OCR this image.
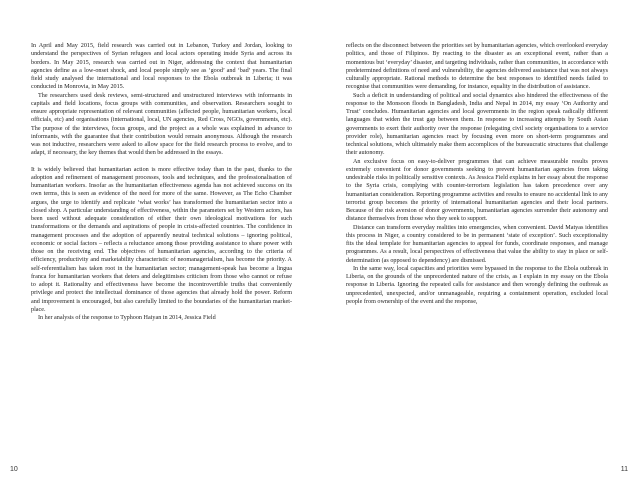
In April and May 2015, field research was carried out in Lebanon, Turkey and Jordan, looking to understand the perspectives of Syrian refugees and local actors operating inside Syria and across its borders. In May 2015, research was carried out in Niger, addressing the context that humanitarian agencies define as a low-onset shock, and local people simply see as ‘good’ and ‘bad’ years. The final field study analysed the international and local responses to the Ebola outbreak in Liberia; it was conducted in Monrovia, in May 2015.

The researchers used desk reviews, semi-structured and unstructured interviews with informants in capitals and field locations, focus groups with communities, and observation. Researchers sought to ensure appropriate representation of relevant communities (affected people, humanitarian workers, local officials, etc) and organisations (international, local, UN agencies, Red Cross, NGOs, governments, etc). The purpose of the interviews, focus groups, and the project as a whole was explained in advance to informants, with the guarantee that their contribution would remain anonymous. Although the research was not inductive, researchers were asked to allow space for the field research process to evolve, and to adapt, if necessary, the key themes that would then be addressed in the essays.

It is widely believed that humanitarian action is more effective today than in the past, thanks to the adoption and refinement of management processes, tools and techniques, and the professionalisation of humanitarian workers. Insofar as the humanitarian effectiveness agenda has not achieved success on its own terms, this is seen as evidence of the need for more of the same. However, as The Echo Chamber argues, the urge to identify and replicate ‘what works’ has transformed the humanitarian sector into a closed shop. A particular understanding of effectiveness, within the parameters set by Western actors, has been used without adequate consideration of either their own ideological motivations for such transformations or the demands and aspirations of people in crisis-affected countries. The confidence in management processes and the adoption of apparently neutral technical solutions – ignoring political, economic or social factors – reflects a reluctance among those providing assistance to share power with those on the receiving end. The objectives of humanitarian agencies, according to the criteria of efficiency, productivity and marketability characteristic of neomanagerialism, has become the priority. A self-referentialism has taken root in the humanitarian sector; management-speak has become a lingua franca for humanitarian workers that deters and delegitimises criticism from those who cannot or refuse to adopt it. Rationality and effectiveness have become the incontrovertible truths that conveniently privilege and protect the intellectual dominance of those agencies that already hold the power. Reform and improvement is encouraged, but also carefully limited to the boundaries of the humanitarian market-place.

In her analysis of the response to Typhoon Haiyan in 2014, Jessica Field

10

reflects on the disconnect between the priorities set by humanitarian agencies, which overlooked everyday politics, and those of Filipinos. By reacting to the disaster as an exceptional event, rather than a momentous but ‘everyday’ disaster, and targeting individuals, rather than communities, in accordance with predetermined definitions of need and vulnerability, the agencies delivered assistance that was not always culturally appropriate. Rational methods to determine the best responses to identified needs failed to recognise that communities were demanding, for instance, equality in the distribution of assistance.

Such a deficit in understanding of political and social dynamics also hindered the effectiveness of the response to the Monsoon floods in Bangladesh, India and Nepal in 2014, my essay ‘On Authority and Trust’ concludes. Humanitarian agencies and local governments in the region speak radically different languages that widen the trust gap between them. In response to increasing attempts by South Asian governments to exert their authority over the response (relegating civil society organisations to a service provider role), humanitarian agencies react by focusing even more on short-term programmes and technical solutions, which ultimately make them accomplices of the bureaucratic structures that challenge their autonomy.

An exclusive focus on easy-to-deliver programmes that can achieve measurable results proves extremely convenient for donor governments seeking to prevent humanitarian agencies from taking undesirable risks in politically sensitive contexts. As Jessica Field explains in her essay about the response to the Syria crisis, complying with counter-terrorism legislation has taken precedence over any humanitarian consideration. Reporting programme activities and results to ensure no accidental link to any terrorist group becomes the priority of international humanitarian agencies and their local partners. Because of the risk aversion of donor governments, humanitarian agencies surrender their autonomy and distance themselves from those who they seek to support.

Distance can transform everyday realities into emergencies, when convenient. David Matyas identifies this process in Niger, a country considered to be in permanent ‘state of exception’. Such exceptionality fits the ideal template for humanitarian agencies to appeal for funds, coordinate responses, and manage programmes. As a result, local perspectives of effectiveness that value the ability to stay in place or self-determination (as opposed to dependency) are dismissed.

In the same way, local capacities and priorities were bypassed in the response to the Ebola outbreak in Liberia, on the grounds of the unprecedented nature of the crisis, as I explain in my essay on the Ebola response in Liberia. Ignoring the repeated calls for assistance and then wrongly defining the outbreak as unprecedented, unexpected, and/or unmanageable, requiring a containment operation, excluded local people from ownership of the event and the response,

11
